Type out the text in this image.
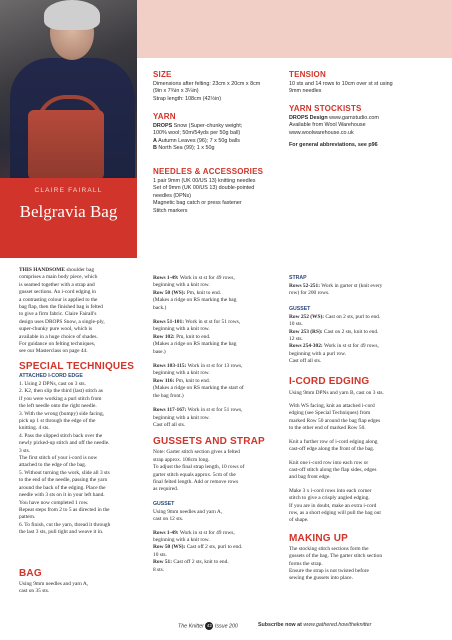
CLAIRE FAIRALL
Belgravia Bag
SIZE

Dimensions after felting: 23cm x 20cm x 8cm

(9in x 7¾in x 3¼in)

Strap length: 108cm (42½in)

YARN

DROPS Snow (Super-chunky weight;

100% wool; 50m/54yds per 50g ball)

A Autumn Leaves (96); 7 x 50g balls

B North Sea (99); 1 x 50g

NEEDLES & ACCESSORIES

1 pair 9mm (UK 00/US 13) knitting needles

Set of 9mm (UK 00/US 13) double-pointed

needles (DPNs)

Magnetic bag catch or press fastener

Stitch markers

TENSION

10 sts and 14 rows to 10cm over st st using

9mm needles

YARN STOCKISTS

DROPS Design www.garnstudio.com

Available from Wool Warehouse

www.woolwarehouse.co.uk

For general abbreviations, see p96

THIS HANDSOME shoulder bag

comprises a main body piece, which

is seamed together with a strap and

gusset sections. An i-cord edging in

a contrasting colour is applied to the

bag flap, then the finished bag is felted

to give a firm fabric. Claire Fairall's

design uses DROPS Snow, a single-ply,

super-chunky pure wool, which is

available in a huge choice of shades.

For guidance on felting techniques,

see our Masterclass on page 44.

SPECIAL TECHNIQUES
ATTACHED I-CORD EDGE

1. Using 2 DPNs, cast on 3 sts.

2. K2, then slip the third (last) stitch as

if you were working a purl stitch from

the left needle onto the right needle.

3. With the wrong (bumpy) side facing,

pick up 1 st through the edge of the

knitting. 4 sts.

4. Pass the slipped stitch back over the

newly picked-up stitch and off the needle.

3 sts.

The first stitch of your i-cord is now

attached to the edge of the bag.

5. Without turning the work, slide all 3 sts

to the end of the needle, passing the yarn

around the back of the edging. Place the

needle with 3 sts on it in your left hand.

You have now completed 1 row.

Repeat steps from 2 to 5 as directed in the

pattern.

6. To finish, cut the yarn, thread it through

the last 3 sts, pull tight and weave it in.

BAG

Using 9mm needles and yarn A,

cast on 35 sts.

Rows 1-49: Work in st st for 49 rows,

beginning with a knit row.

Row 50 (WS): Pm, knit to end.

(Makes a ridge on RS marking the bag

back.)

Rows 51-101: Work in st st for 51 rows,

beginning with a knit row.

Row 102: Pm, knit to end.

(Makes a ridge on RS marking the bag

base.)

Rows 103-115: Work in st st for 13 rows,

beginning with a knit row.

Row 116: Pm, knit to end.

(Makes a ridge on RS marking the start of

the bag front.)

Rows 117-167: Work in st st for 51 rows,

beginning with a knit row.

Cast off all sts.

GUSSETS AND STRAP

Note: Garter stitch section gives a felted

strap approx. 108cm long.

To adjust the final strap length, 10 rows of

garter stitch equals approx. 5cm of the

final felted length. Add or remove rows

as required.

GUSSET

Using 9mm needles and yarn A,

cast on 12 sts.

Rows 1-49: Work in st st for 49 rows,

beginning with a knit row.

Row 50 (WS): Cast off 2 sts, purl to end.

10 sts.

Row 51: Cast off 2 sts, knit to end.

8 sts.

STRAP

Rows 52-251: Work in garter st (knit every

row) for 200 rows.

GUSSET

Row 252 (WS): Cast on 2 sts, purl to end.

10 sts.

Row 253 (RS): Cast on 2 sts, knit to end.

12 sts.

Rows 254-302: Work in st st for 49 rows,

beginning with a purl row.

Cast off all sts.

I-CORD EDGING

Using 9mm DPNs and yarn B, cast on 3 sts.

With WS facing, knit an attached i-cord

edging (see Special Techniques) from

marked Row 50 around the bag flap edges

to the other end of marked Row 50.

Knit a further row of i-cord edging along

cast-off edge along the front of the bag.

Knit one i-cord row into each row or

cast-off stitch along the flap sides, edges

and bag front edge.

Make 3 x i-cord rows into each corner

stitch to give a crisply angled edging.

If you are in doubt, make an extra i-cord

row, as a short edging will pull the bag out

of shape.

MAKING UP

The stocking stitch sections form the

gussets of the bag. The garter stitch section

forms the strap.

Ensure the strap is not twisted before

sewing the gussets into place.

The Knitter 42 Issue 200	Subscribe now at www.gathered.how/theknitter
